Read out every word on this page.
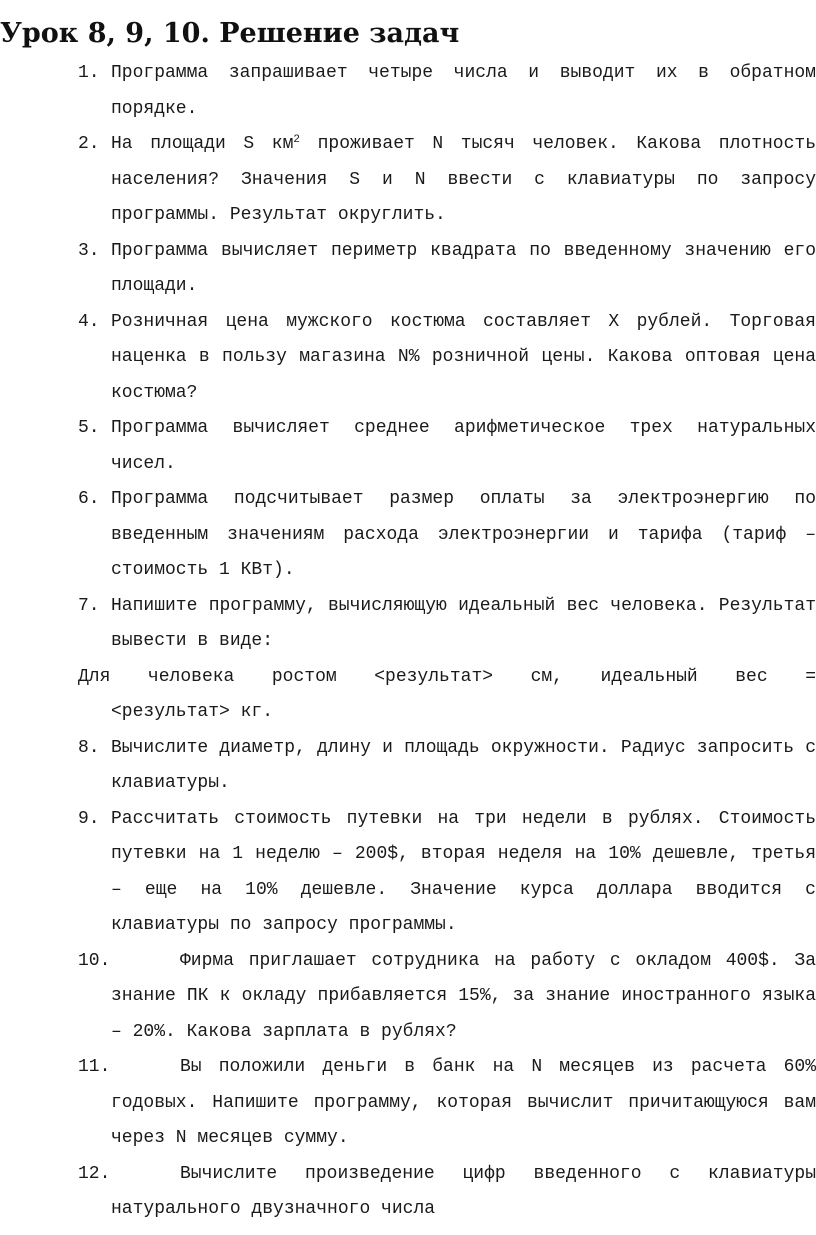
Урок 8, 9, 10. Решение задач
1. Программа запрашивает четыре числа и выводит их в обратном порядке.
2. На площади S $км^2$ проживает N тысяч человек. Какова плотность населения? Значения S и N ввести с клавиатуры по запросу программы. Результат округлить.
3. Программа вычисляет периметр квадрата по введенному значению его площади.
4. Розничная цена мужского костюма составляет Х рублей. Торговая наценка в пользу магазина N% розничной цены. Какова оптовая цена костюма?
5. Программа вычисляет среднее арифметическое трех натуральных чисел.
6. Программа подсчитывает размер оплаты за электроэнергию по введенным значениям расхода электроэнергии и тарифа (тариф – стоимость 1 КВт).
7. Напишите программу, вычисляющую идеальный вес человека. Результат вывести в виде:
Для человека ростом <результат> см, идеальный вес =
<результат> кг.
8. Вычислите диаметр, длину и площадь окружности. Радиус запросить с клавиатуры.
9. Рассчитать стоимость путевки на три недели в рублях. Стоимость путевки на 1 неделю – 200$, вторая неделя на 10% дешевле, третья – еще на 10% дешевле. Значение курса доллара вводится с клавиатуры по запросу программы.
10.	Фирма приглашает сотрудника на работу с окладом 400$. За знание ПК к окладу прибавляется 15%, за знание иностранного языка – 20%. Какова зарплата в рублях?
11.	Вы положили деньги в банк на N месяцев из расчета 60% годовых. Напишите программу, которая вычислит причитающуюся вам через N месяцев сумму.
12.	Вычислите произведение цифр введенного с клавиатуры натурального двузначного числа
